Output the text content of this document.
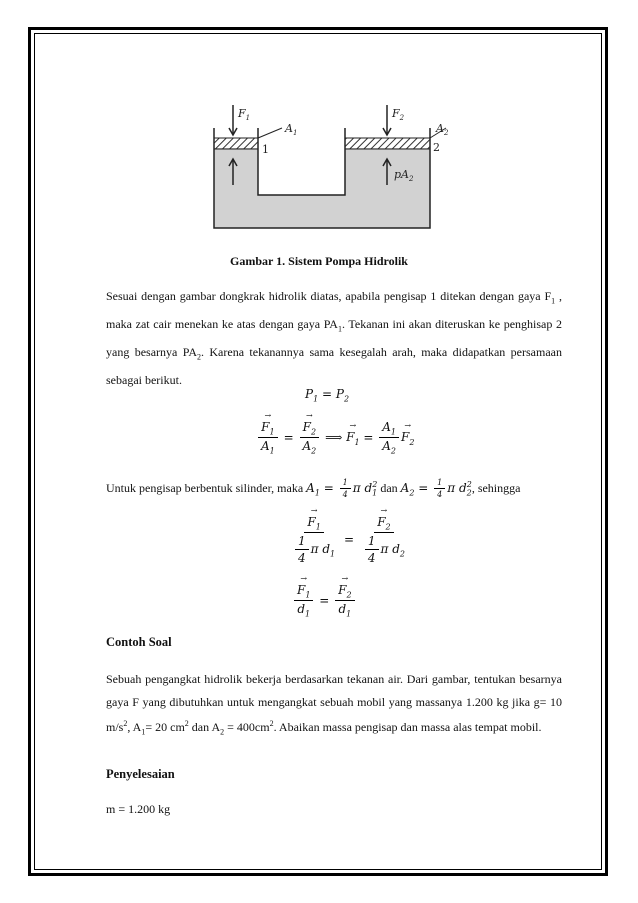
$F_1$
$A_1$
1
$F_2$
$A_2$
2
$pA_2$
Gambar 1. Sistem Pompa Hidrolik
Sesuai dengan gambar dongkrak hidrolik diatas, apabila pengisap 1 ditekan dengan gaya $F_1$ , maka zat cair menekan ke atas dengan gaya $PA_1$. Tekanan ini akan diteruskan ke penghisap 2 yang besarnya $PA_2$. Karena tekanannya sama kesegalah arah, maka didapatkan persamaan sebagai berikut.
$P_1 = P_2$
→ $\frac{F_1}{A_1}$ = → $\frac{F_2}{A_2}$ ⟹ → $F_1 = \frac{A_1}{A_2} \to F_2$
Untuk pengisap berbentuk silinder, maka $A_1 = \frac{1}{4}$ π $d_1^2$ dan $A_2 = \frac{1}{4}$ π $d_2^2$, sehingga
→ $\frac{F_1}{\frac{1}{4} \pi d_1}$ = → $\frac{F_2}{\frac{1}{4} \pi d_2}$
→ $\frac{F_1}{d_1}$ = → $\frac{F_2}{d_1}$
Contoh Soal
Sebuah pengangkat hidrolik bekerja berdasarkan tekanan air. Dari gambar, tentukan besarnya gaya F yang dibutuhkan untuk mengangkat sebuah mobil yang massanya 1.200 kg jika g= 10 $m/s^2$, $A_1= 20$ $cm^2$ dan $A_2 = 400cm^2$. Abaikan massa pengisap dan massa alas tempat mobil.
Penyelesaian
m = 1.200 kg
